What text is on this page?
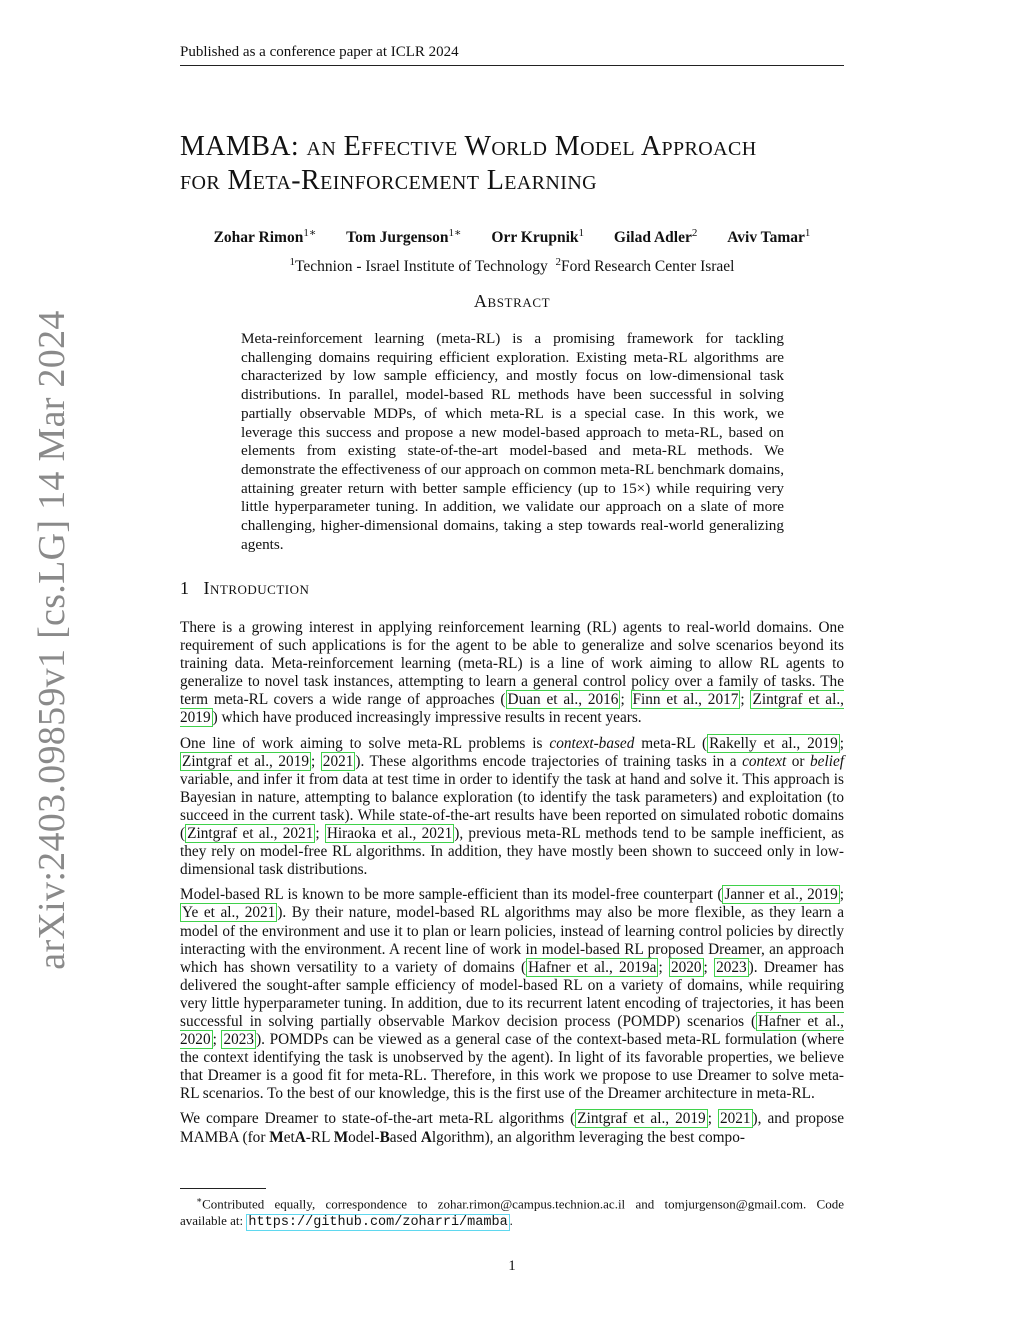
Published as a conference paper at ICLR 2024
arXiv:2403.09859v1 [cs.LG] 14 Mar 2024
MAMBA: an Effective World Model Approach
for Meta-Reinforcement Learning
Zohar Rimon$^{1∗}$ Tom Jurgenson$^{1∗}$ Orr Krupnik$^1$ Gilad Adler$^2$ Aviv Tamar$^1$
$^1$Technion - Israel Institute of Technology $^2$Ford Research Center Israel
Abstract
Meta-reinforcement learning (meta-RL) is a promising framework for tackling challenging domains requiring efficient exploration. Existing meta-RL algorithms are characterized by low sample efficiency, and mostly focus on low-dimensional task distributions. In parallel, model-based RL methods have been successful in solving partially observable MDPs, of which meta-RL is a special case. In this work, we leverage this success and propose a new model-based approach to meta-RL, based on elements from existing state-of-the-art model-based and meta-RL methods. We demonstrate the effectiveness of our approach on common meta-RL benchmark domains, attaining greater return with better sample efficiency (up to 15×) while requiring very little hyperparameter tuning. In addition, we validate our approach on a slate of more challenging, higher-dimensional domains, taking a step towards real-world generalizing agents.
1 Introduction

There is a growing interest in applying reinforcement learning (RL) agents to real-world domains. One requirement of such applications is for the agent to be able to generalize and solve scenarios beyond its training data. Meta-reinforcement learning (meta-RL) is a line of work aiming to allow RL agents to generalize to novel task instances, attempting to learn a general control policy over a family of tasks. The term meta-RL covers a wide range of approaches ( Duan et al., 2016 ; Finn et al., 2017 ; Zintgraf et al., 2019 ) which have produced increasingly impressive results in recent years.

One line of work aiming to solve meta-RL problems is context-based meta-RL ( Rakelly et al., 2019 ; Zintgraf et al., 2019 ; 2021 ). These algorithms encode trajectories of training tasks in a context or belief variable, and infer it from data at test time in order to identify the task at hand and solve it. This approach is Bayesian in nature, attempting to balance exploration (to identify the task parameters) and exploitation (to succeed in the current task). While state-of-the-art results have been reported on simulated robotic domains ( Zintgraf et al., 2021 ; Hiraoka et al., 2021 ), previous meta-RL methods tend to be sample inefficient, as they rely on model-free RL algorithms. In addition, they have mostly been shown to succeed only in low-dimensional task distributions.

Model-based RL is known to be more sample-efficient than its model-free counterpart ( Janner et al., 2019 ; Ye et al., 2021 ). By their nature, model-based RL algorithms may also be more flexible, as they learn a model of the environment and use it to plan or learn policies, instead of learning control policies by directly interacting with the environment. A recent line of work in model-based RL proposed Dreamer, an approach which has shown versatility to a variety of domains ( Hafner et al., 2019a ; 2020 ; 2023 ). Dreamer has delivered the sought-after sample efficiency of model-based RL on a variety of domains, while requiring very little hyperparameter tuning. In addition, due to its recurrent latent encoding of trajectories, it has been successful in solving partially observable Markov decision process (POMDP) scenarios ( Hafner et al., 2020 ; 2023 ). POMDPs can be viewed as a general case of the context-based meta-RL formulation (where the context identifying the task is unobserved by the agent). In light of its favorable properties, we believe that Dreamer is a good fit for meta-RL. Therefore, in this work we propose to use Dreamer to solve meta-RL scenarios. To the best of our knowledge, this is the first use of the Dreamer architecture in meta-RL.

We compare Dreamer to state-of-the-art meta-RL algorithms ( Zintgraf et al., 2019 ; 2021 ), and propose MAMBA (for MetA-RL Model-Based Algorithm), an algorithm leveraging the best compo-

∗Contributed equally, correspondence to zohar.rimon@campus.technion.ac.il and tomjurgenson@gmail.com. Code available at: https://github.com/zoharri/mamba .
1
